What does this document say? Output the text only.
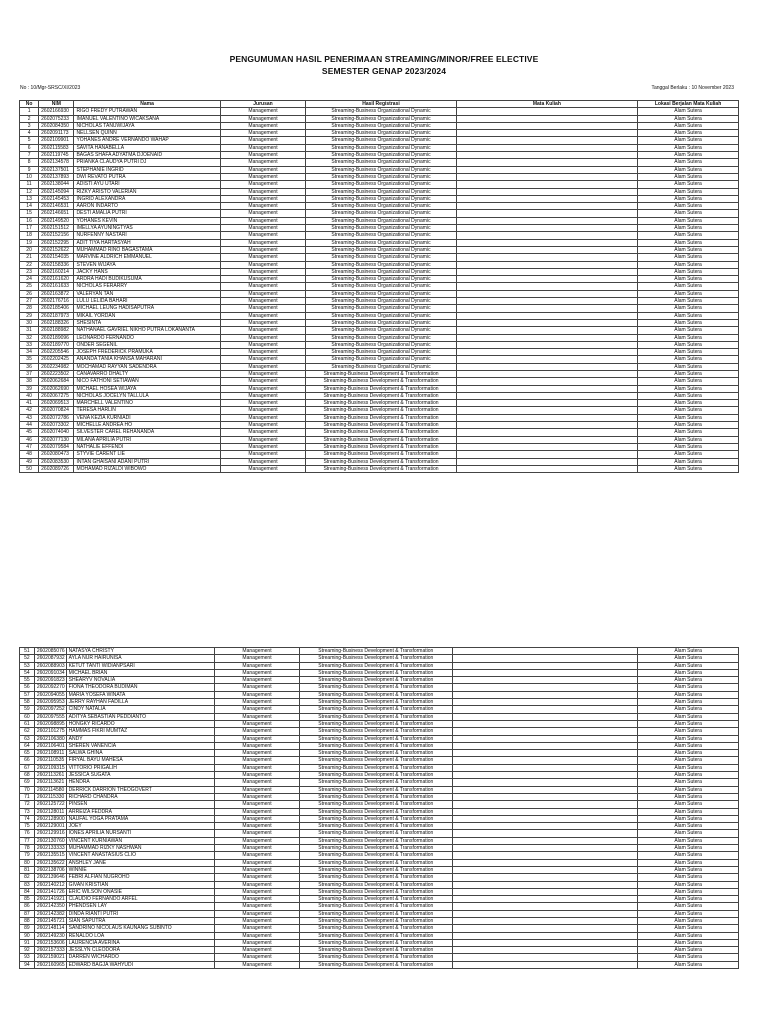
PENGUMUMAN HASIL PENERIMAAN STREAMING/MINOR/FREE ELECTIVE
SEMESTER GENAP 2023/2024
No : 10/Mgr-SRSC/XI/2023	Tanggal Berlaku : 10 November 2023
No	NIM	Nama	Jurusan	Hasil Registrasi	Mata Kuliah	Lokasi Berjalan Mata Kuliah
1	2602166930	RIGO FREDY PUTRAWAN	Management	Streaming-Business Organizational Dynamic		Alam Sutera
2	2602075233	IMANUEL VALENTINO WICAKSANA	Management	Streaming-Business Organizational Dynamic		Alam Sutera
3	2602084350	NICHOLAS TANUWIJAYA	Management	Streaming-Business Organizational Dynamic		Alam Sutera
4	2602091173	NELLSEN QUINN	Management	Streaming-Business Organizational Dynamic		Alam Sutera
5	2602109901	YOHANES ANDRE VERNANDO WAHAP	Management	Streaming-Business Organizational Dynamic		Alam Sutera
6	2602115583	SAVITA HANABELLA	Management	Streaming-Business Organizational Dynamic		Alam Sutera
7	2602119745	BAGAS SHAFA ADYATMA DJOENAID	Management	Streaming-Business Organizational Dynamic		Alam Sutera
8	2602134578	PRIANKA CLAUDYA PUTRI DJ	Management	Streaming-Business Organizational Dynamic		Alam Sutera
9	2602137501	STEPHANIE INGRID	Management	Streaming-Business Organizational Dynamic		Alam Sutera
10	2602137893	DWI REVATO PUTRA	Management	Streaming-Business Organizational Dynamic		Alam Sutera
11	2602138044	ADISTI AYU UTARI	Management	Streaming-Business Organizational Dynamic		Alam Sutera
12	2602145094	RIZKY ARISTO VALERIAN	Management	Streaming-Business Organizational Dynamic		Alam Sutera
13	2602145453	INGRID ALEXANDRA	Management	Streaming-Business Organizational Dynamic		Alam Sutera
14	2602146531	AARON INDARTO	Management	Streaming-Business Organizational Dynamic		Alam Sutera
15	2602146651	DESTI AMALIA PUTRI	Management	Streaming-Business Organizational Dynamic		Alam Sutera
16	2602149520	YOHANES KEVIN	Management	Streaming-Business Organizational Dynamic		Alam Sutera
17	2602151512	IMELLYA AYUNINGTYAS	Management	Streaming-Business Organizational Dynamic		Alam Sutera
18	2602152156	NURFENNY NASTARI	Management	Streaming-Business Organizational Dynamic		Alam Sutera
19	2602152295	ADIT TIYA HARTASYAH	Management	Streaming-Business Organizational Dynamic		Alam Sutera
20	2602152622	MUHAMMAD RINO BAGASTAMA	Management	Streaming-Business Organizational Dynamic		Alam Sutera
21	2602154035	MARVINE ALDRICH EMMANUEL	Management	Streaming-Business Organizational Dynamic		Alam Sutera
22	2602158336	STEVEN WIJAYA	Management	Streaming-Business Organizational Dynamic		Alam Sutera
23	2602160214	JACKY HANS	Management	Streaming-Business Organizational Dynamic		Alam Sutera
24	2602161620	ARDRA HADI BUDIKUSUMA	Management	Streaming-Business Organizational Dynamic		Alam Sutera
25	2602161633	NICHOLAS FERARRY	Management	Streaming-Business Organizational Dynamic		Alam Sutera
26	2602163872	VALERYAN TAN	Management	Streaming-Business Organizational Dynamic		Alam Sutera
27	2602176716	LULU LELIDA BAHARI	Management	Streaming-Business Organizational Dynamic		Alam Sutera
28	2602185406	MICHAEL LEUNG HADISAPUTRA	Management	Streaming-Business Organizational Dynamic		Alam Sutera
29	2602187973	MIKAIL YORDAN	Management	Streaming-Business Organizational Dynamic		Alam Sutera
30	2602188326	SHESINTA	Management	Streaming-Business Organizational Dynamic		Alam Sutera
31	2602188982	NATHANAEL GAVRIEL NIKHO PUTRA LOKANANTA	Management	Streaming-Business Organizational Dynamic		Alam Sutera
32	2602189096	LEONARDO FERNANDO	Management	Streaming-Business Organizational Dynamic		Alam Sutera
33	2602189770	ONDER SEGENIL	Management	Streaming-Business Organizational Dynamic		Alam Sutera
34	2602205546	JOSEPH FREDERICK PRAMUKA	Management	Streaming-Business Organizational Dynamic		Alam Sutera
35	2602202425	ANANDA TANIA KHANSA MAHARANI	Management	Streaming-Business Organizational Dynamic		Alam Sutera
36	2602234982	MOCHAMAD RAYYAN SADENDRA	Management	Streaming-Business Organizational Dynamic		Alam Sutera
37	2602223502	CANAVARRO DHALTY	Management	Streaming-Business Development & Transformation		Alam Sutera
38	2602062684	NICO FATHONI SETIAWAN	Management	Streaming-Business Development & Transformation		Alam Sutera
39	2602062690	MICHAEL HOSEA WIJAYA	Management	Streaming-Business Development & Transformation		Alam Sutera
40	2602067275	NICHOLAS JOCELYN TALLULA	Management	Streaming-Business Development & Transformation		Alam Sutera
41	2602069513	MARCHELL VALENTINO	Management	Streaming-Business Development & Transformation		Alam Sutera
42	2602070824	TERESA HARLIN	Management	Streaming-Business Development & Transformation		Alam Sutera
43	2602072786	VENA KEZIA KURNIADI	Management	Streaming-Business Development & Transformation		Alam Sutera
44	2602073302	MICHELLE ANDREA HO	Management	Streaming-Business Development & Transformation		Alam Sutera
45	2602074040	SILVESTER CAREL REHANANDA	Management	Streaming-Business Development & Transformation		Alam Sutera
46	2602077130	MILANA APRILIA PUTRI	Management	Streaming-Business Development & Transformation		Alam Sutera
47	2602079584	NATHALIE EFFENDI	Management	Streaming-Business Development & Transformation		Alam Sutera
48	2602080473	STYVIE CARENT LIE	Management	Streaming-Business Development & Transformation		Alam Sutera
49	2602083530	INTAN GHAISANI ADANI PUTRI	Management	Streaming-Business Development & Transformation		Alam Sutera
50	2602089726	MOHAMAD RIZALDI WIBOWO	Management	Streaming-Business Development & Transformation		Alam Sutera
51	2602085076	NATASYA CHRISTY	Management	Streaming-Business Development & Transformation		Alam Sutera
52	2602087932	AYLA NUR HAIRUNISA	Management	Streaming-Business Development & Transformation		Alam Sutera
53	2602088903	KETUT TANTI WIDIANPSARI	Management	Streaming-Business Development & Transformation		Alam Sutera
54	2602091034	MICHAEL BRIAN	Management	Streaming-Business Development & Transformation		Alam Sutera
55	2602091823	SHEARYV NOVALIA	Management	Streaming-Business Development & Transformation		Alam Sutera
56	2602092270	FIONA THEODORA BUDIMAN	Management	Streaming-Business Development & Transformation		Alam Sutera
57	2602094055	MARIA YOSEFA WINATA	Management	Streaming-Business Development & Transformation		Alam Sutera
58	2602095953	JERRY RAYHAN FADILLA	Management	Streaming-Business Development & Transformation		Alam Sutera
59	2602097252	CINDY NATALIA	Management	Streaming-Business Development & Transformation		Alam Sutera
60	2602097555	ADITYA SEBASTIAN PEDDIANTO	Management	Streaming-Business Development & Transformation		Alam Sutera
61	2602098895	HONGKY RICARDO	Management	Streaming-Business Development & Transformation		Alam Sutera
62	2602101275	HAMMAS FIKRI MUMTAZ	Management	Streaming-Business Development & Transformation		Alam Sutera
63	2602106380	ANDY	Management	Streaming-Business Development & Transformation		Alam Sutera
64	2602106401	SHEREN VANENCIA	Management	Streaming-Business Development & Transformation		Alam Sutera
65	2602108911	SALWA GHINA	Management	Streaming-Business Development & Transformation		Alam Sutera
66	2602110535	FIRYAL BAYU MAHESA	Management	Streaming-Business Development & Transformation		Alam Sutera
67	2602109315	VITTORIO PRIGALIH	Management	Streaming-Business Development & Transformation		Alam Sutera
68	2602113261	JESSICA SUGATA	Management	Streaming-Business Development & Transformation		Alam Sutera
69	2602113621	HENDRA	Management	Streaming-Business Development & Transformation		Alam Sutera
70	2602114580	DERRICK DARRION THEOGOVERT	Management	Streaming-Business Development & Transformation		Alam Sutera
71	2602115330	RICHARD CHANDRA	Management	Streaming-Business Development & Transformation		Alam Sutera
72	2602125722	PINSEN	Management	Streaming-Business Development & Transformation		Alam Sutera
73	2602128011	ARREIZA FEDDRA	Management	Streaming-Business Development & Transformation		Alam Sutera
74	2602128900	NAUFAL YOGA PRATAMA	Management	Streaming-Business Development & Transformation		Alam Sutera
75	2602129001	JOEY	Management	Streaming-Business Development & Transformation		Alam Sutera
76	2602129916	IONES APRILIA NURSANTI	Management	Streaming-Business Development & Transformation		Alam Sutera
77	2602130760	VINCENT KURNIAWAN	Management	Streaming-Business Development & Transformation		Alam Sutera
78	2602133333	MUHAMMAD RIZKY NASHWAN	Management	Streaming-Business Development & Transformation		Alam Sutera
79	2602135515	VINCENT ANASTASIUS CLIO	Management	Streaming-Business Development & Transformation		Alam Sutera
80	2602135622	ANSHLEY JANE	Management	Streaming-Business Development & Transformation		Alam Sutera
81	2602138706	WINNIE	Management	Streaming-Business Development & Transformation		Alam Sutera
82	2602139646	FEBRI ALFIAN NUGROHO	Management	Streaming-Business Development & Transformation		Alam Sutera
83	2602140212	GIVAN KRISTIAN	Management	Streaming-Business Development & Transformation		Alam Sutera
84	2602141726	ERIC WILSON ONASIE	Management	Streaming-Business Development & Transformation		Alam Sutera
85	2602141921	CLAUDIO FERNANDO ARFEL	Management	Streaming-Business Development & Transformation		Alam Sutera
86	2602142350	PHENDSEN LAY	Management	Streaming-Business Development & Transformation		Alam Sutera
87	2602142382	DINDA RIANTI PUTRI	Management	Streaming-Business Development & Transformation		Alam Sutera
88	2602145721	SIAN SAPUTRA	Management	Streaming-Business Development & Transformation		Alam Sutera
89	2602148114	SANDRINO NICOLAUS KAUNANG SUBINTO	Management	Streaming-Business Development & Transformation		Alam Sutera
90	2602149230	RENALDO LOA	Management	Streaming-Business Development & Transformation		Alam Sutera
91	2602153606	LAURENCIA AVERINA	Management	Streaming-Business Development & Transformation		Alam Sutera
92	2602157333	JESSLYN CLEODORA	Management	Streaming-Business Development & Transformation		Alam Sutera
93	2602159021	DARREN WICHARDO	Management	Streaming-Business Development & Transformation		Alam Sutera
94	2602160965	EDWARD BAGJA WAHYUDI	Management	Streaming-Business Development & Transformation		Alam Sutera
